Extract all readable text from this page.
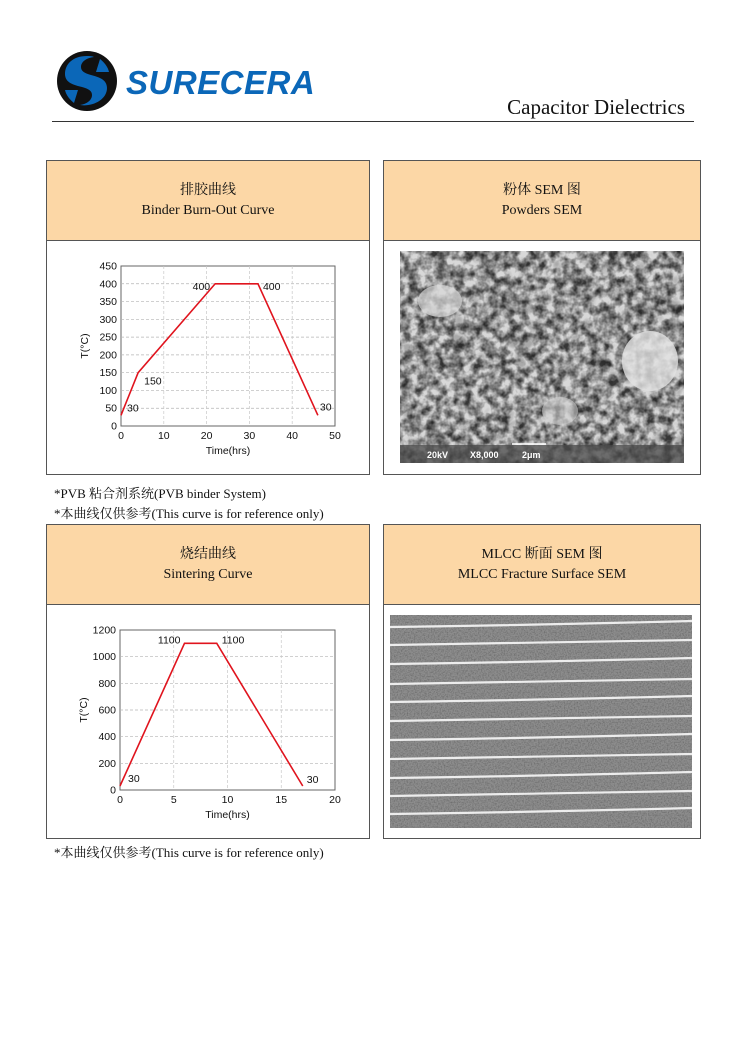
SURECERA
Capacitor Dielectrics
排胶曲线
Binder Burn-Out Curve
0
50
100
150
200
250
300
350
400
450
0	10	20	30	40	50
Time(hrs)
T(°C)
30
150
400	400
30
粉体 SEM 图
Powders SEM
20kV X8,000	2μm
*PVB 粘合剂系统(PVB binder System)
*本曲线仅供参考(This curve is for reference only)
烧结曲线
Sintering Curve
0
200
400
600
800
1000
1200
0	5	10	15	20
Time(hrs)
T(°C)
30
1100	1100
30
MLCC 断面 SEM 图
MLCC Fracture Surface SEM
*本曲线仅供参考(This curve is for reference only)
